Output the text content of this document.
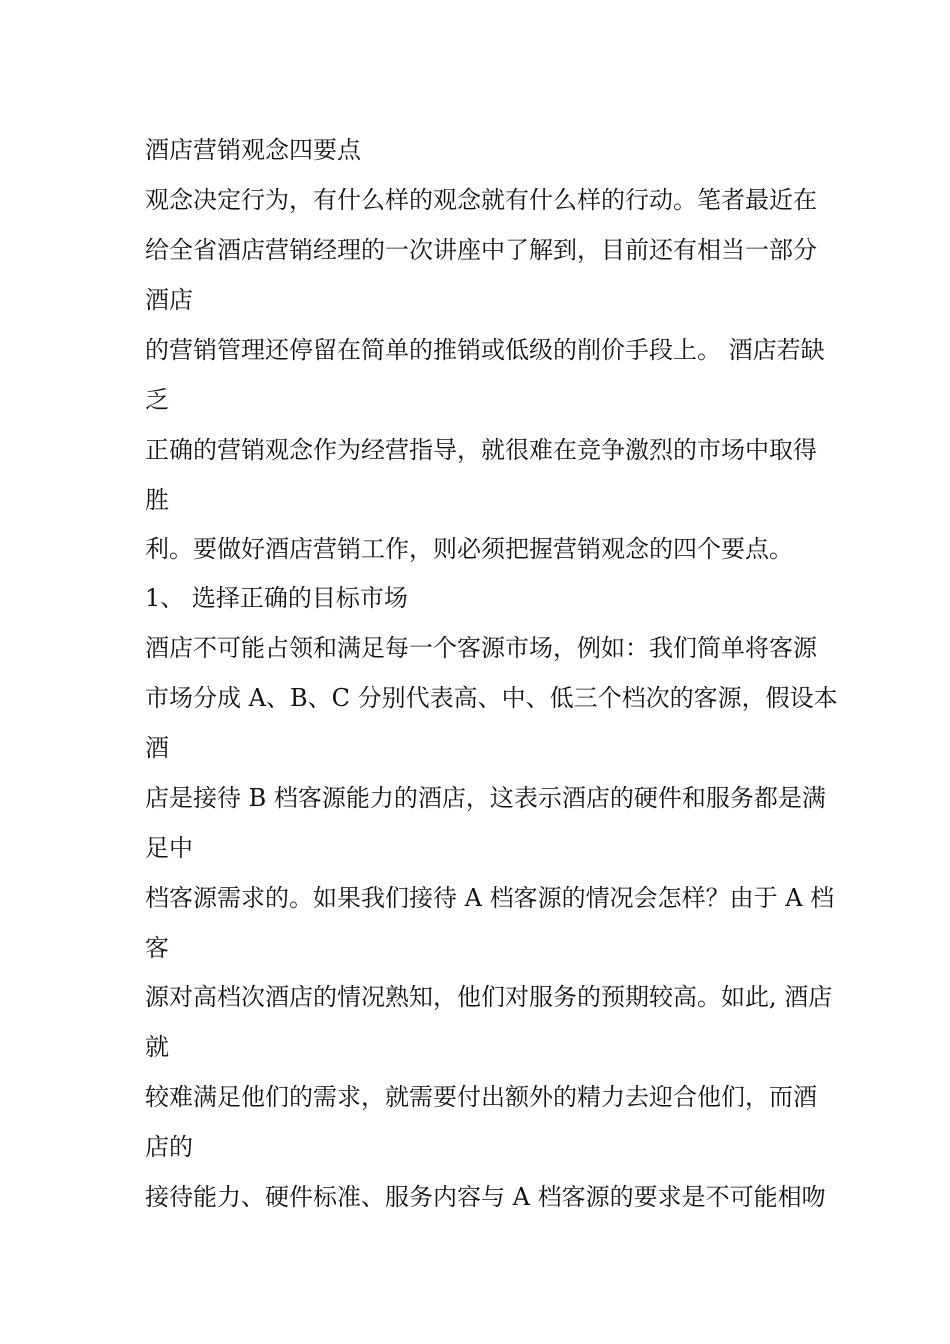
酒店营销观念四要点
观念决定行为，有什么样的观念就有什么样的行动。笔者最近在
给全省酒店营销经理的一次讲座中了解到，目前还有相当一部分
酒店
的营销管理还停留在简单的推销或低级的削价手段上。 酒店若缺
乏
正确的营销观念作为经营指导，就很难在竞争激烈的市场中取得
胜
利。要做好酒店营销工作，则必须把握营销观念的四个要点。
1、 选择正确的目标市场
酒店不可能占领和满足每一个客源市场，例如：我们简单将客源
市场分成 A、B、C 分别代表高、中、低三个档次的客源，假设本
酒
店是接待 B 档客源能力的酒店，这表示酒店的硬件和服务都是满
足中
档客源需求的。如果我们接待 A 档客源的情况会怎样？由于 A 档
客
源对高档次酒店的情况熟知，他们对服务的预期较高。如此, 酒店
就
较难满足他们的需求，就需要付出额外的精力去迎合他们，而酒
店的
接待能力、硬件标准、服务内容与 A 档客源的要求是不可能相吻
